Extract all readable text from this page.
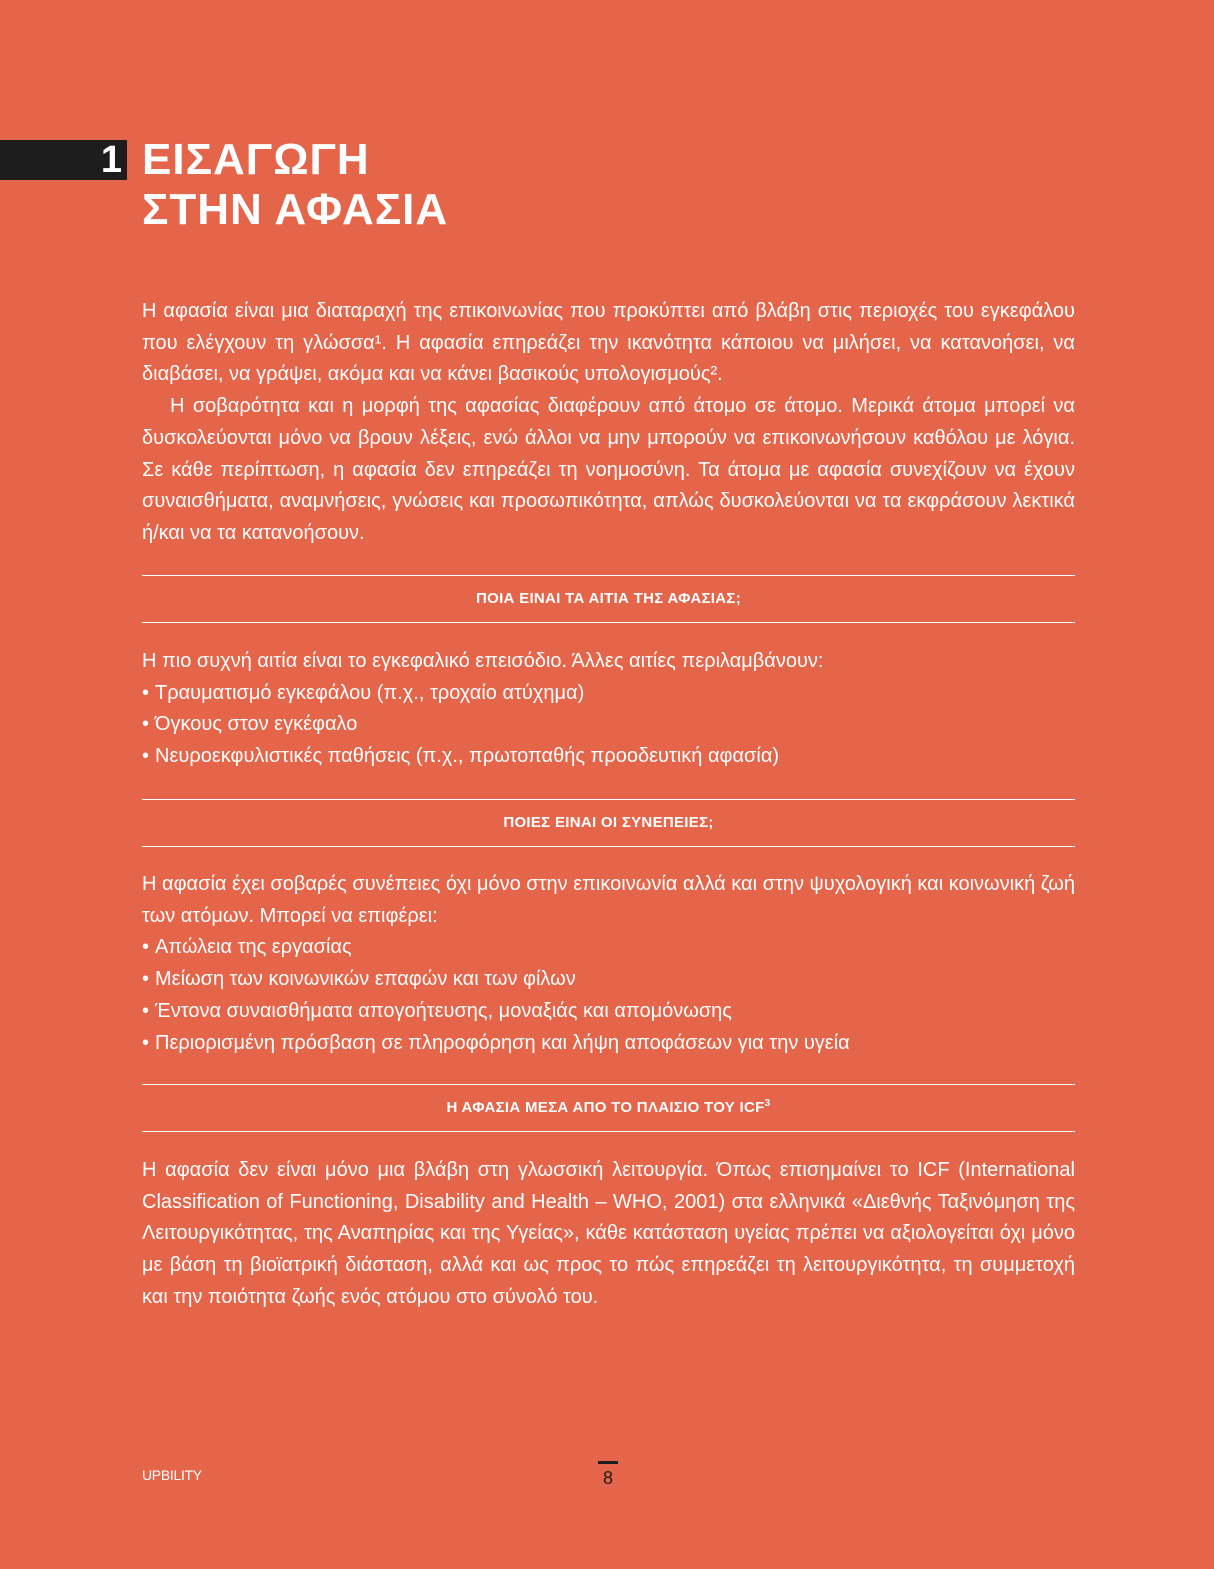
1 ΕΙΣΑΓΩΓΗ
ΣΤΗΝ ΑΦΑΣΙΑ

Η αφασία είναι μια διαταραχή της επικοινωνίας που προκύπτει από βλάβη στις περιοχές του εγκεφάλου που ελέγχουν τη γλώσσα¹. Η αφασία επηρεάζει την ικανότητα κάποιου να μιλήσει, να κατανοήσει, να διαβάσει, να γράψει, ακόμα και να κάνει βασικούς υπολογισμούς².

Η σοβαρότητα και η μορφή της αφασίας διαφέρουν από άτομο σε άτομο. Μερικά άτομα μπορεί να δυσκολεύονται μόνο να βρουν λέξεις, ενώ άλλοι να μην μπορούν να επικοινωνήσουν καθόλου με λόγια. Σε κάθε περίπτωση, η αφασία δεν επηρεάζει τη νοημοσύνη. Τα άτομα με αφασία συνεχίζουν να έχουν συναισθήματα, αναμνήσεις, γνώσεις και προσωπικότητα, απλώς δυσκολεύονται να τα εκφράσουν λεκτικά ή/και να τα κατανοήσουν.

ΠΟΙΑ ΕΙΝΑΙ ΤΑ ΑΙΤΙΑ ΤΗΣ ΑΦΑΣΙΑΣ;

Η πιο συχνή αιτία είναι το εγκεφαλικό επεισόδιο. Άλλες αιτίες περιλαμβάνουν:

• Τραυματισμό εγκεφάλου (π.χ., τροχαίο ατύχημα)
• Όγκους στον εγκέφαλο
• Νευροεκφυλιστικές παθήσεις (π.χ., πρωτοπαθής προοδευτική αφασία)
ΠΟΙΕΣ ΕΙΝΑΙ ΟΙ ΣΥΝΕΠΕΙΕΣ;

Η αφασία έχει σοβαρές συνέπειες όχι μόνο στην επικοινωνία αλλά και στην ψυχολογική και κοινωνική ζωή των ατόμων. Μπορεί να επιφέρει:

• Απώλεια της εργασίας
• Μείωση των κοινωνικών επαφών και των φίλων
• Έντονα συναισθήματα απογοήτευσης, μοναξιάς και απομόνωσης
• Περιορισμένη πρόσβαση σε πληροφόρηση και λήψη αποφάσεων για την υγεία
Η ΑΦΑΣΙΑ ΜΕΣΑ ΑΠΟ ΤΟ ΠΛΑΙΣΙΟ ΤΟΥ ICF$^3$

Η αφασία δεν είναι μόνο μια βλάβη στη γλωσσική λειτουργία. Όπως επισημαίνει το ICF (International Classification of Functioning, Disability and Health – WHO, 2001) στα ελληνικά «Διεθνής Ταξινόμηση της Λειτουργικότητας, της Αναπηρίας και της Υγείας», κάθε κατάσταση υγείας πρέπει να αξιολογείται όχι μόνο με βάση τη βιοϊατρική διάσταση, αλλά και ως προς το πώς επηρεάζει τη λειτουργικότητα, τη συμμετοχή και την ποιότητα ζωής ενός ατόμου στο σύνολό του.

UPBILITY	8
